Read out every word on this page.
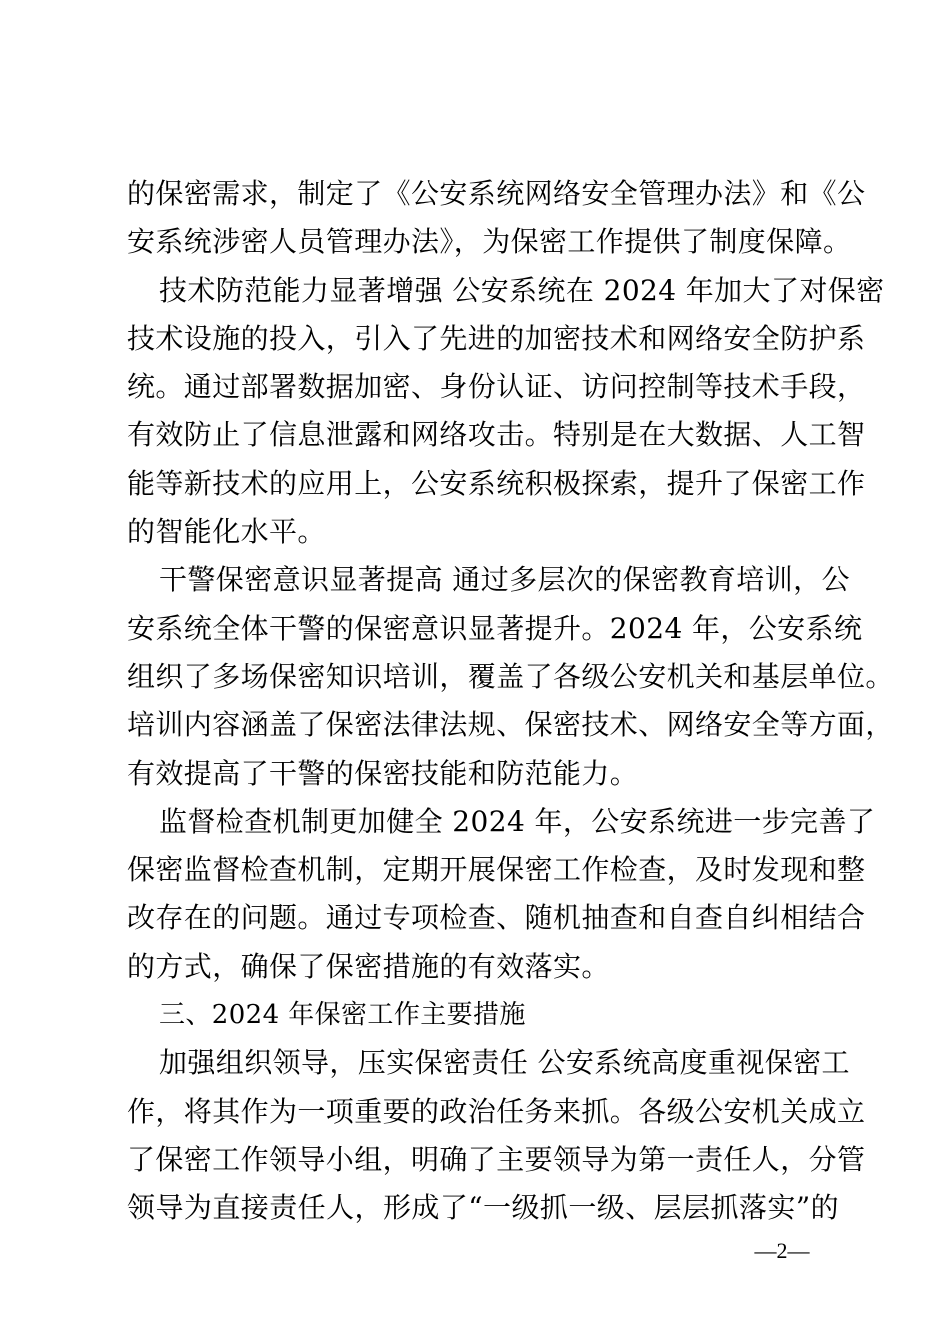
的保密需求，制定了《公安系统网络安全管理办法》和《公
安系统涉密人员管理办法》，为保密工作提供了制度保障。

技术防范能力显著增强 公安系统在 2024 年加大了对保密
技术设施的投入，引入了先进的加密技术和网络安全防护系
统。通过部署数据加密、身份认证、访问控制等技术手段，
有效防止了信息泄露和网络攻击。特别是在大数据、人工智
能等新技术的应用上，公安系统积极探索，提升了保密工作
的智能化水平。

干警保密意识显著提高 通过多层次的保密教育培训，公
安系统全体干警的保密意识显著提升。2024 年，公安系统
组织了多场保密知识培训，覆盖了各级公安机关和基层单位。
培训内容涵盖了保密法律法规、保密技术、网络安全等方面，
有效提高了干警的保密技能和防范能力。

监督检查机制更加健全 2024 年，公安系统进一步完善了
保密监督检查机制，定期开展保密工作检查，及时发现和整
改存在的问题。通过专项检查、随机抽查和自查自纠相结合
的方式，确保了保密措施的有效落实。

三、2024 年保密工作主要措施

加强组织领导，压实保密责任 公安系统高度重视保密工
作，将其作为一项重要的政治任务来抓。各级公安机关成立
了保密工作领导小组，明确了主要领导为第一责任人，分管
领导为直接责任人，形成了“一级抓一级、层层抓落实”的

—2—
